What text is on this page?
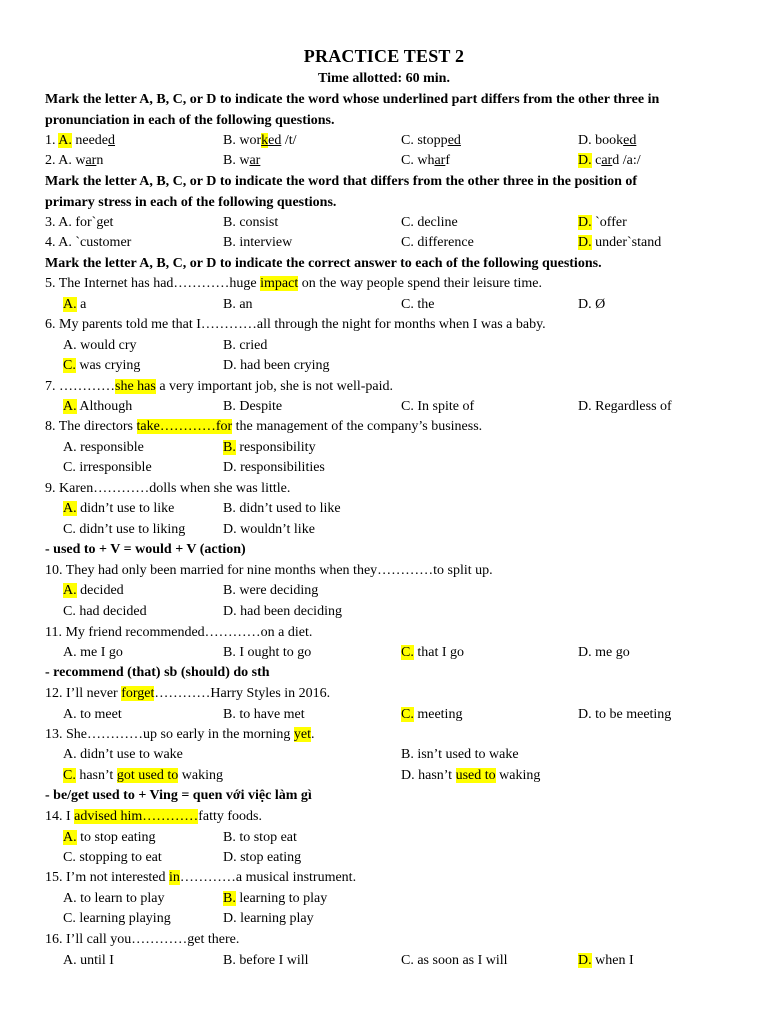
PRACTICE TEST 2
Time allotted: 60 min.
Mark the letter A, B, C, or D to indicate the word whose underlined part differs from the other three in
pronunciation in each of the following questions.
1. A. needed	B. worked /t/	C. stopped	D. booked
2. A. warn	B. war	C. wharf	D. card /a:/
Mark the letter A, B, C, or D to indicate the word that differs from the other three in the position of
primary stress in each of the following questions.
3. A. for`get	B. consist	C. decline	D. `offer
4. A. `customer	B. interview	C. difference	D. under`stand
Mark the letter A, B, C, or D to indicate the correct answer to each of the following questions.
5. The Internet has had…………huge impact on the way people spend their leisure time.
A. a	B. an	C. the	D. Ø
6. My parents told me that I…………all through the night for months when I was a baby.
A. would cry	B. cried
C. was crying	D. had been crying
7. …………she has a very important job, she is not well-paid.
A. Although	B. Despite	C. In spite of	D. Regardless of
8. The directors take…………for the management of the company’s business.
A. responsible	B. responsibility
C. irresponsible	D. responsibilities
9. Karen…………dolls when she was little.
A. didn’t use to like	B. didn’t used to like
C. didn’t use to liking	D. wouldn’t like
- used to + V = would + V (action)
10. They had only been married for nine months when they…………to split up.
A. decided	B. were deciding
C. had decided	D. had been deciding
11. My friend recommended…………on a diet.
A. me I go	B. I ought to go	C. that I go	D. me go
- recommend (that) sb (should) do sth
12. I’ll never forget…………Harry Styles in 2016.
A. to meet	B. to have met	C. meeting	D. to be meeting
13. She…………up so early in the morning yet.
A. didn’t use to wake	B. isn’t used to wake
C. hasn’t got used to waking	D. hasn’t used to waking
- be/get used to + Ving = quen với việc làm gì
14. I advised him…………fatty foods.
A. to stop eating	B. to stop eat
C. stopping to eat	D. stop eating
15. I’m not interested in…………a musical instrument.
A. to learn to play	B. learning to play
C. learning playing	D. learning play
16. I’ll call you…………get there.
A. until I	B. before I will	C. as soon as I will	D. when I
